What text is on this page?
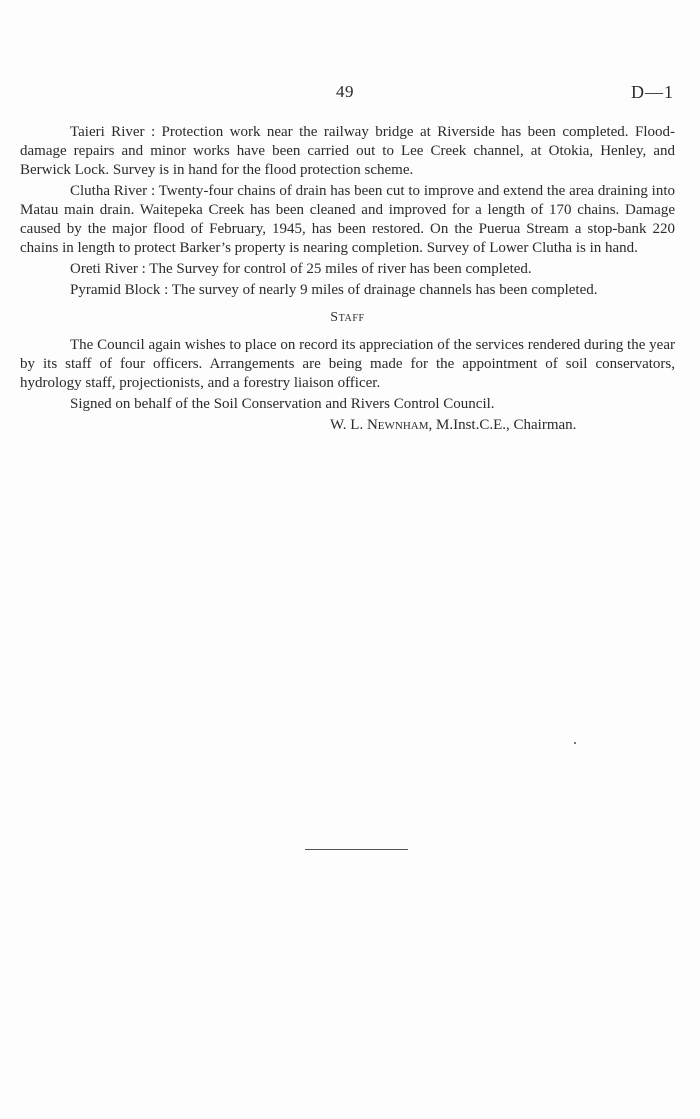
49	D—1

Taieri River : Protection work near the railway bridge at Riverside has been completed. Flood-damage repairs and minor works have been carried out to Lee Creek channel, at Otokia, Henley, and Berwick Lock. Survey is in hand for the flood protection scheme.

Clutha River : Twenty-four chains of drain has been cut to improve and extend the area draining into Matau main drain. Waitepeka Creek has been cleaned and improved for a length of 170 chains. Damage caused by the major flood of February, 1945, has been restored. On the Puerua Stream a stop-bank 220 chains in length to protect Barker’s property is nearing completion. Survey of Lower Clutha is in hand.

Oreti River : The Survey for control of 25 miles of river has been completed.

Pyramid Block : The survey of nearly 9 miles of drainage channels has been completed.

Staff

The Council again wishes to place on record its appreciation of the services rendered during the year by its staff of four officers. Arrangements are being made for the appointment of soil conservators, hydrology staff, projectionists, and a forestry liaison officer.

Signed on behalf of the Soil Conservation and Rivers Control Council.

W. L. Newnham, M.Inst.C.E., Chairman.
